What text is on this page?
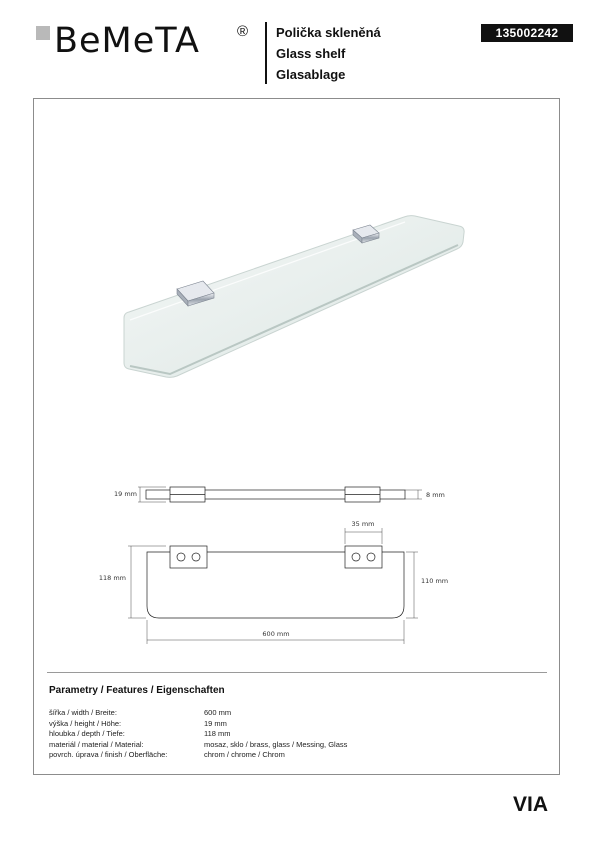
BeMeTA ® Polička skleněná
Glass shelf
Glasablage
135002242
19 mm	8 mm
35 mm
118 mm	110 mm
600 mm
Parametry / Features / Eigenschaften
šířka / width / Breite:	600 mm
výška / height / Höhe:	19 mm
hloubka / depth / Tiefe:	118 mm
materiál / material / Material:	mosaz, sklo / brass, glass / Messing, Glass
povrch. úprava / finish / Oberfläche:	chrom / chrome / Chrom
VIA
